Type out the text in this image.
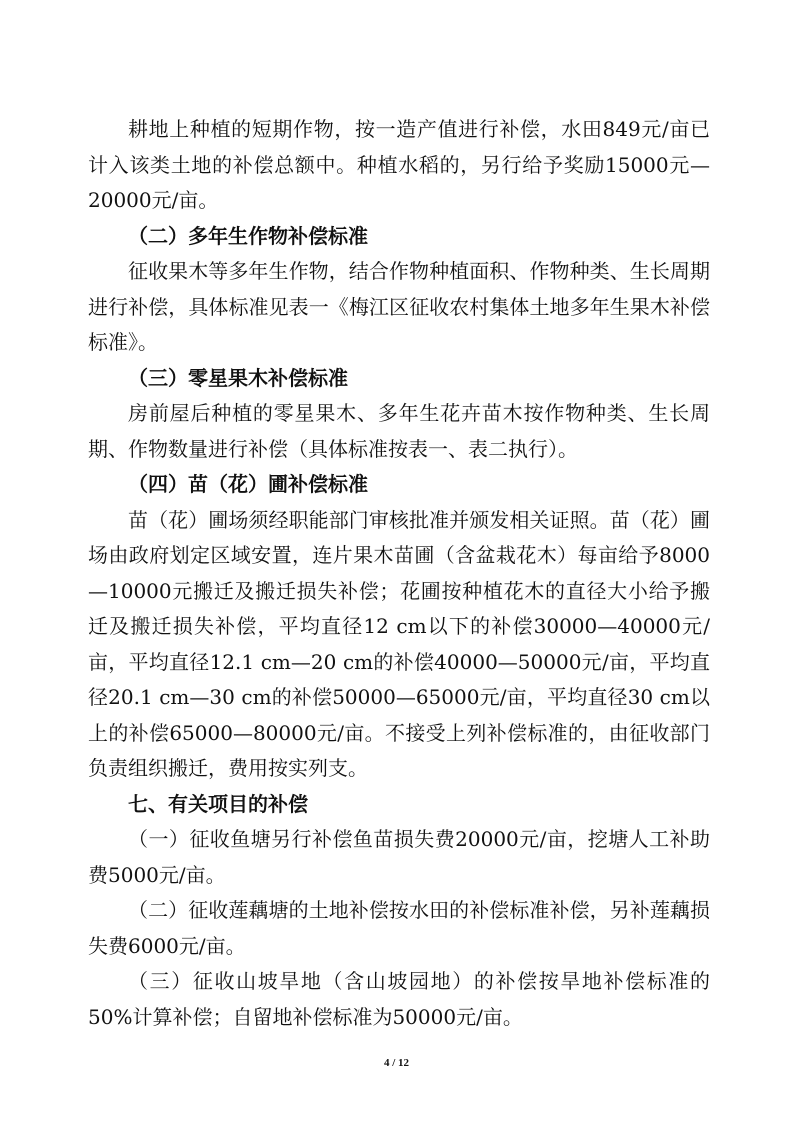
耕地上种植的短期作物，按一造产值进行补偿，水田849元/亩已计入该类土地的补偿总额中。种植水稻的，另行给予奖励15000元—20000元/亩。

（二）多年生作物补偿标准

征收果木等多年生作物，结合作物种植面积、作物种类、生长周期进行补偿，具体标准见表一《梅江区征收农村集体土地多年生果木补偿标准》。

（三）零星果木补偿标准

房前屋后种植的零星果木、多年生花卉苗木按作物种类、生长周期、作物数量进行补偿（具体标准按表一、表二执行）。

（四）苗（花）圃补偿标准

苗（花）圃场须经职能部门审核批准并颁发相关证照。苗（花）圃场由政府划定区域安置，连片果木苗圃（含盆栽花木）每亩给予8000—10000元搬迁及搬迁损失补偿；花圃按种植花木的直径大小给予搬迁及搬迁损失补偿，平均直径12 cm以下的补偿30000—40000元/亩，平均直径12.1 cm—20 cm的补偿40000—50000元/亩，平均直径20.1 cm—30 cm的补偿50000—65000元/亩，平均直径30 cm以上的补偿65000—80000元/亩。不接受上列补偿标准的，由征收部门负责组织搬迁，费用按实列支。

七、有关项目的补偿

（一）征收鱼塘另行补偿鱼苗损失费20000元/亩，挖塘人工补助费5000元/亩。

（二）征收莲藕塘的土地补偿按水田的补偿标准补偿，另补莲藕损失费6000元/亩。

（三）征收山坡旱地（含山坡园地）的补偿按旱地补偿标准的50%计算补偿；自留地补偿标准为50000元/亩。

4 / 12
